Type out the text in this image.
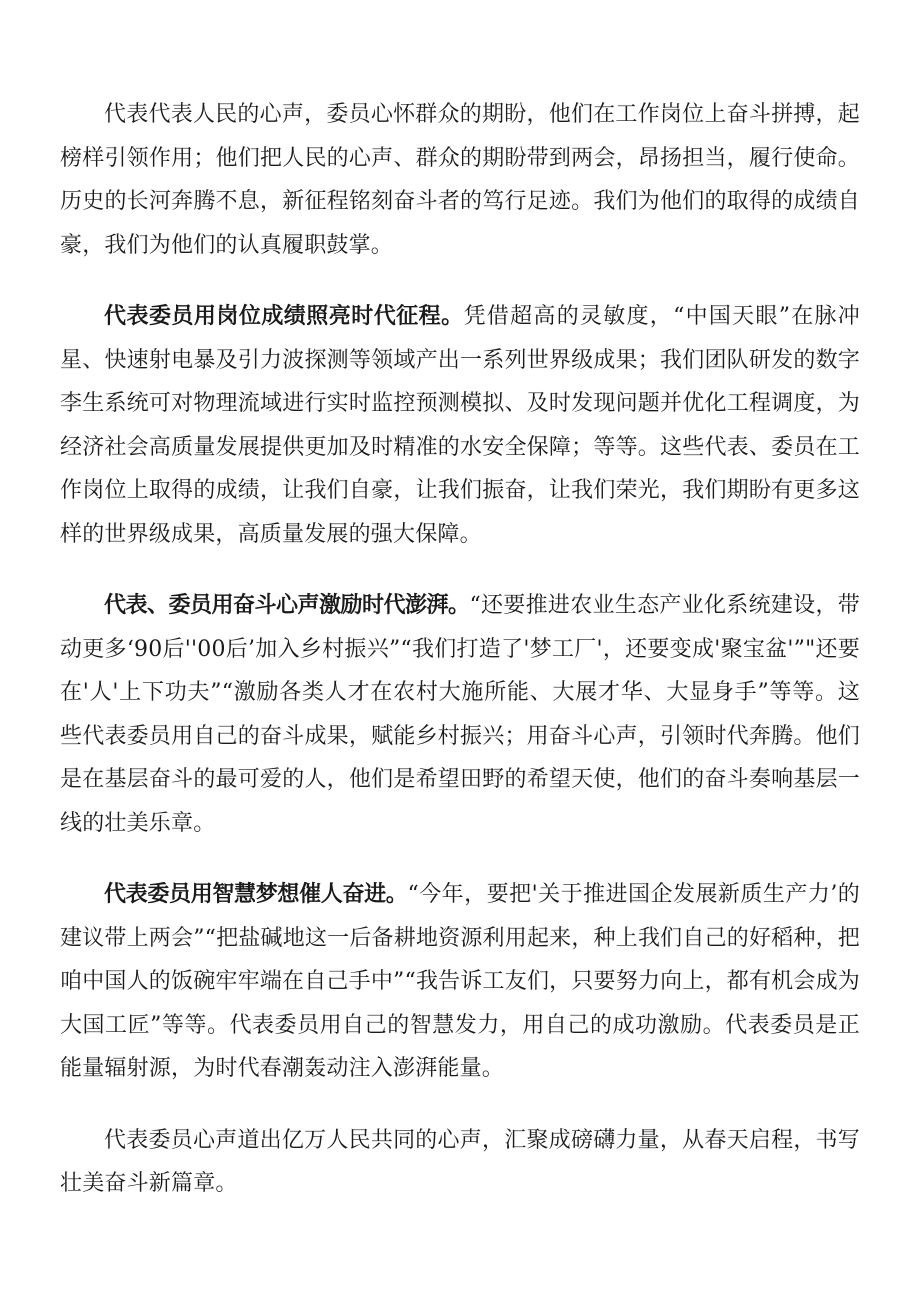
代表代表人民的心声，委员心怀群众的期盼，他们在工作岗位上奋斗拼搏，起榜样引领作用；他们把人民的心声、群众的期盼带到两会，昂扬担当，履行使命。历史的长河奔腾不息，新征程铭刻奋斗者的笃行足迹。我们为他们的取得的成绩自豪，我们为他们的认真履职鼓掌。

代表委员用岗位成绩照亮时代征程。凭借超高的灵敏度，“中国天眼”在脉冲星、快速射电暴及引力波探测等领域产出一系列世界级成果；我们团队研发的数字李生系统可对物理流域进行实时监控预测模拟、及时发现问题并优化工程调度，为经济社会高质量发展提供更加及时精准的水安全保障；等等。这些代表、委员在工作岗位上取得的成绩，让我们自豪，让我们振奋，让我们荣光，我们期盼有更多这样的世界级成果，高质量发展的强大保障。

代表、委员用奋斗心声激励时代澎湃。“还要推进农业生态产业化系统建设，带动更多‘90后''00后’加入乡村振兴”“我们打造了'梦工厂'，还要变成'聚宝盆'”"还要在'人'上下功夫”“激励各类人才在农村大施所能、大展才华、大显身手”等等。这些代表委员用自己的奋斗成果，赋能乡村振兴；用奋斗心声，引领时代奔腾。他们是在基层奋斗的最可爱的人，他们是希望田野的希望天使，他们的奋斗奏响基层一线的壮美乐章。

代表委员用智慧梦想催人奋进。“今年，要把'关于推进国企发展新质生产力’的建议带上两会”“把盐碱地这一后备耕地资源利用起来，种上我们自己的好稻种，把咱中国人的饭碗牢牢端在自己手中”“我告诉工友们，只要努力向上，都有机会成为大国工匠”等等。代表委员用自己的智慧发力，用自己的成功激励。代表委员是正能量辐射源，为时代春潮轰动注入澎湃能量。

代表委员心声道出亿万人民共同的心声，汇聚成磅礴力量，从春天启程，书写壮美奋斗新篇章。
